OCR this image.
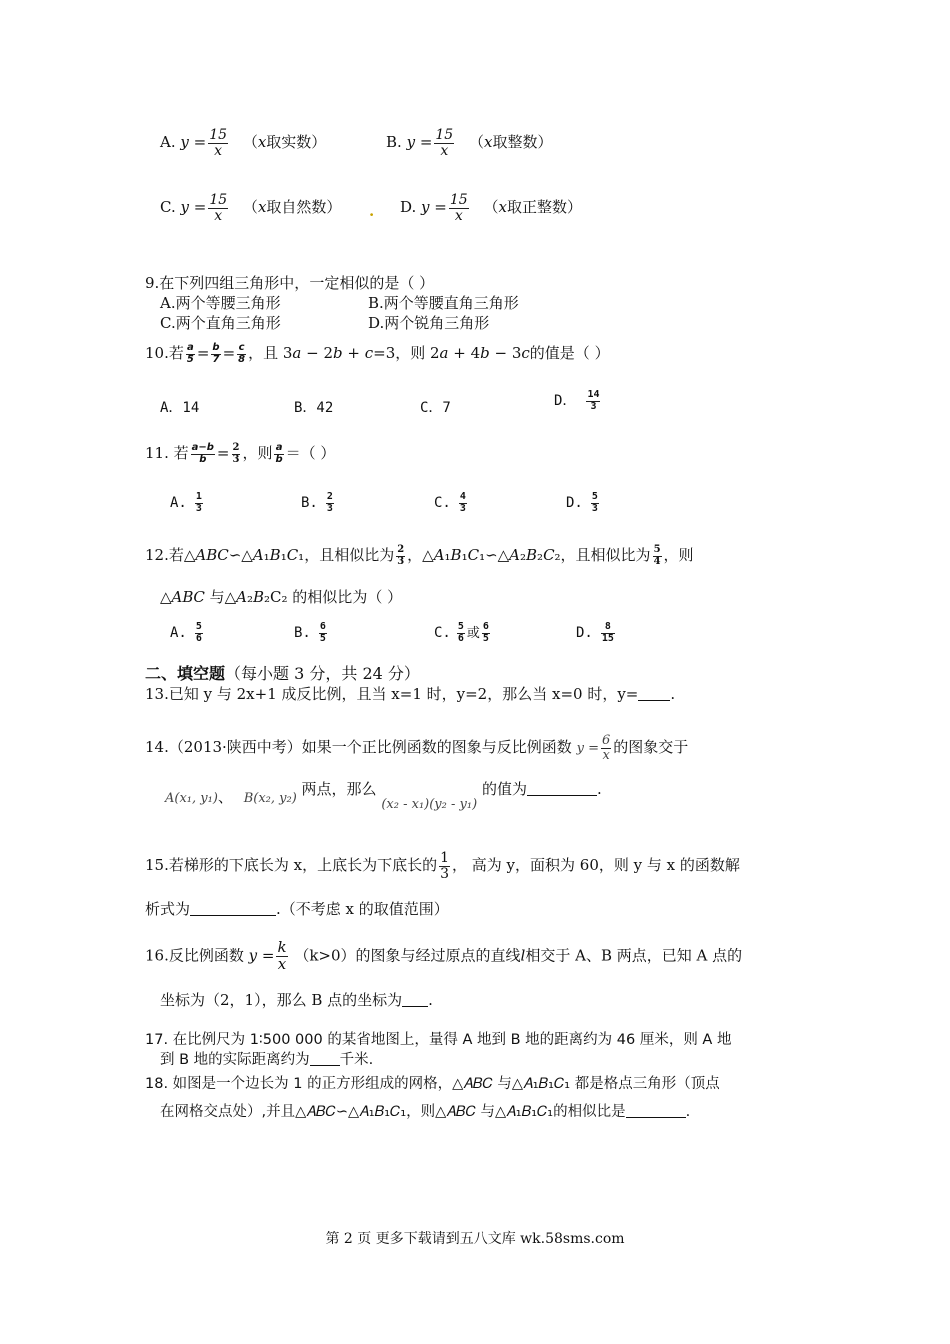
A. $y = \frac{15}{x} (x$取实数）	B. $y = \frac{15}{x} (x$取整数）
C. $y = \frac{15}{x} (x$取自然数） . D. $y = \frac{15}{x} (x$取正整数）
9.在下列四组三角形中，一定相似的是（ ）
A.两个等腰三角形	B.两个等腰直角三角形
C.两个直角三角形	D.两个锐角三角形
10.若 $\frac{a}{5} = \frac{b}{7} = \frac{c}{8}$ ，且 3𝑎 − 2𝑏 + 𝑐=3，则 2𝑎 + 4𝑏 − 3𝑐的值是（ ）
A．14	B．42	C．7	D． $\frac{14}{3}$
11. 若 $\frac{a-b}{b} = \frac{2}{3}$ ，则 $\frac{a}{b}$ ＝（ ）
A. $\frac{1}{3}$	B. $\frac{2}{3}$	C. $\frac{4}{3}$	D. $\frac{5}{3}$
12.若△𝐴𝐵𝐶∽△𝐴₁𝐵₁𝐶₁，且相似比为 $\frac{2}{3}$ ，△𝐴₁𝐵₁𝐶₁∽△𝐴₂𝐵₂𝐶₂，且相似比为 $\frac{5}{4}$ ，则
△𝐴𝐵𝐶 与△𝐴₂𝐵₂C₂ 的相似比为（ ）
A. $\frac{5}{6}$	B. $\frac{6}{5}$	C. $\frac{5}{6}$ 或 $\frac{6}{5}$	D. $\frac{8}{15}$
二、填空题（每小题 3 分，共 24 分）
13.已知 y 与 2x+1 成反比例，且当 x=1 时，y=2，那么当 x=0 时，y= .
14.（2013·陕西中考）如果一个正比例函数的图象与反比例函数 $y = \frac{6}{x}$ 的图象交于
A(x₁, y₁)、 B(x₂, y₂) 两点，那么 (x₂ - x₁)(y₂ - y₁) 的值为	.
15.若梯形的下底长为 x，上底长为下底长的 $\frac{1}{3}$ ， 高为 y，面积为 60，则 y 与 x 的函数解
析式为	.（不考虑 x 的取值范围）
16.反比例函数 $y = \frac{k}{x} (k>0)$的图象与经过原点的直线l相交于 A、B 两点，已知 A 点的
坐标为（2，1），那么 B 点的坐标为 .
17. 在比例尺为 1∶500 000 的某省地图上，量得 A 地到 B 地的距离约为 46 厘米，则 A 地
到 B 地的实际距离约为 千米.
18. 如图是一个边长为 1 的正方形组成的网格，△𝐴𝐵𝐶 与△𝐴₁𝐵₁𝐶₁ 都是格点三角形（顶点
在网格交点处）,并且△𝐴𝐵𝐶∽△𝐴₁𝐵₁𝐶₁，则△𝐴𝐵𝐶 与△𝐴₁𝐵₁𝐶₁的相似比是	.
第 2 页 更多下载请到五八文库 wk.58sms.com
